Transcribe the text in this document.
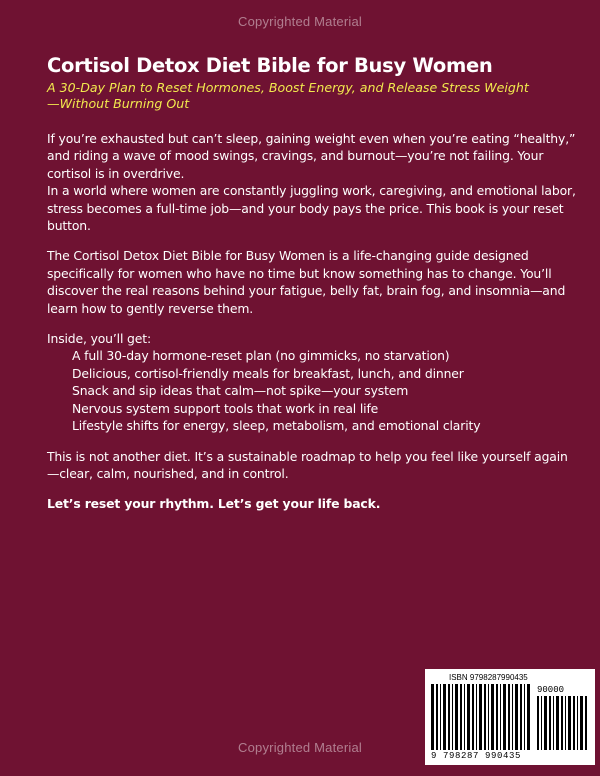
Copyrighted Material
Cortisol Detox Diet Bible for Busy Women
A 30-Day Plan to Reset Hormones, Boost Energy, and Release Stress Weight—Without Burning Out

If you’re exhausted but can’t sleep, gaining weight even when you’re eating “healthy,” and riding a wave of mood swings, cravings, and burnout—you’re not failing. Your cortisol is in overdrive.

In a world where women are constantly juggling work, caregiving, and emotional labor, stress becomes a full-time job—and your body pays the price. This book is your reset button.

The Cortisol Detox Diet Bible for Busy Women is a life-changing guide designed specifically for women who have no time but know something has to change. You’ll discover the real reasons behind your fatigue, belly fat, brain fog, and insomnia—and learn how to gently reverse them.

Inside, you’ll get:

A full 30-day hormone-reset plan (no gimmicks, no starvation)
Delicious, cortisol-friendly meals for breakfast, lunch, and dinner
Snack and sip ideas that calm—not spike—your system
Nervous system support tools that work in real life
Lifestyle shifts for energy, sleep, metabolism, and emotional clarity

This is not another diet. It’s a sustainable roadmap to help you feel like yourself again—clear, calm, nourished, and in control.

Let’s reset your rhythm. Let’s get your life back.

ISBN 9798287990435
90000
9 798287 990435
Copyrighted Material
